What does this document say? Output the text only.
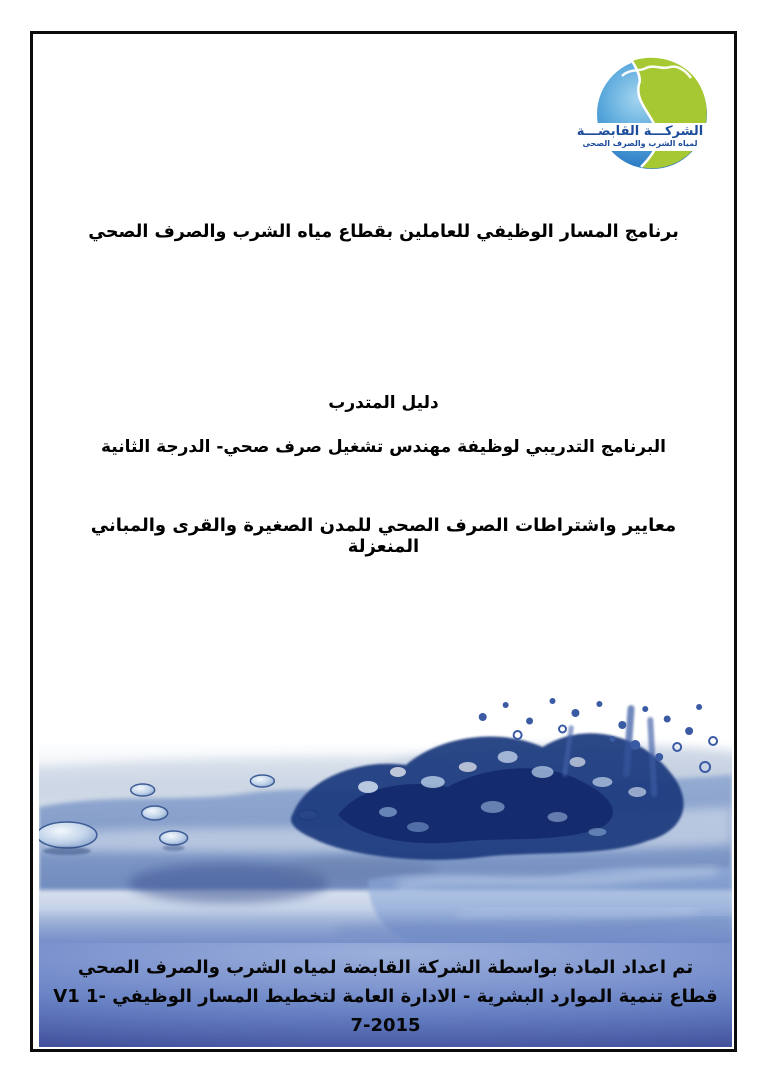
الشركـــة القابضـــة
لمياه الشرب والصرف الصحى
برنامج المسار الوظيفي للعاملين بقطاع مياه الشرب والصرف الصحي
دليل المتدرب
البرنامج التدريبي لوظيفة مهندس تشغيل صرف صحي- الدرجة الثانية
معايير واشتراطات الصرف الصحي للمدن الصغيرة والقرى والمباني المنعزلة
تم اعداد المادة بواسطة الشركة القابضة لمياه الشرب والصرف الصحي
قطاع تنمية الموارد البشرية - الادارة العامة لتخطيط المسار الوظيفي V1 1-7-2015
